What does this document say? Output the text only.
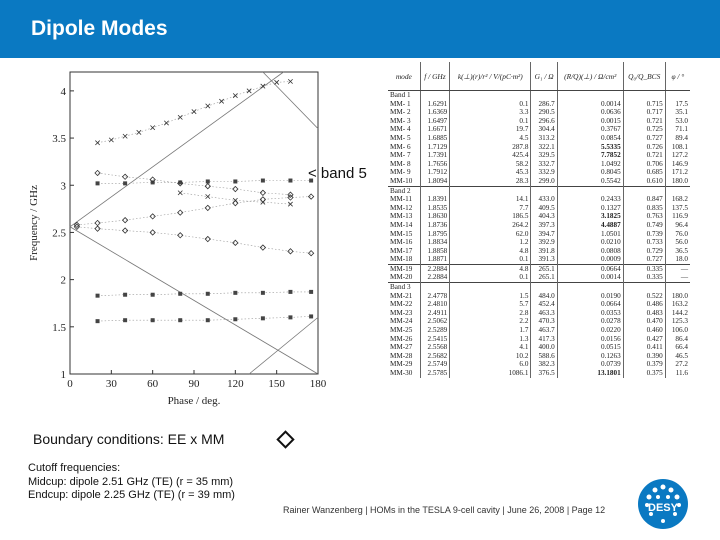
Dipole Modes
0	30	60	90	120 150 180
1
1.5
2
2.5
3
3.5
4
Phase / deg.
Frequency / GHz
< band 5
Boundary conditions: EE x MM
Cutoff frequencies:
Midcup: dipole 2.51 GHz (TE) (r = 35 mm)
Endcup: dipole 2.25 GHz (TE) (r = 39 mm)
mode	f / GHz	k(⊥)(r)/r² / V/(pC·m²)	G₁ / Ω	(R/Q)(⊥) / Ω/cm²	Q₀/Q_BCS	φ / °
Band 1						
MM- 1	1.6291	0.1	286.7	0.0014	0.715	17.5
MM- 2	1.6369	3.3	290.5	0.0636	0.717	35.1
MM- 3	1.6497	0.1	296.6	0.0015	0.721	53.0
MM- 4	1.6671	19.7	304.4	0.3767	0.725	71.1
MM- 5	1.6885	4.5	313.2	0.0854	0.727	89.4
MM- 6	1.7129	287.8	322.1	5.5335	0.726	108.1
MM- 7	1.7391	425.4	329.5	7.7852	0.721	127.2
MM- 8	1.7656	58.2	332.7	1.0492	0.706	146.9
MM- 9	1.7912	45.3	332.9	0.8045	0.685	171.2
MM-10	1.8094	28.3	299.0	0.5542	0.610	180.0
Band 2						
MM-11	1.8391	14.1	433.0	0.2433	0.847	168.2
MM-12	1.8535	7.7	409.5	0.1327	0.835	137.5
MM-13	1.8630	186.5	404.3	3.1825	0.763	116.9
MM-14	1.8736	264.2	397.3	4.4887	0.749	96.4
MM-15	1.8795	62.0	394.7	1.0501	0.739	76.0
MM-16	1.8834	1.2	392.9	0.0210	0.733	56.0
MM-17	1.8858	4.8	391.8	0.0808	0.729	36.5
MM-18	1.8871	0.1	391.3	0.0009	0.727	18.0
MM-19	2.2884	4.8	265.1	0.0664	0.335	—
MM-20	2.2884	0.1	265.1	0.0014	0.335	—
Band 3						
MM-21	2.4778	1.5	484.0	0.0190	0.522	180.0
MM-22	2.4810	5.7	452.4	0.0664	0.486	163.2
MM-23	2.4911	2.8	463.3	0.0353	0.483	144.2
MM-24	2.5062	2.2	470.3	0.0278	0.470	125.3
MM-25	2.5289	1.7	463.7	0.0220	0.460	106.0
MM-26	2.5415	1.3	417.3	0.0156	0.427	86.4
MM-27	2.5568	4.1	400.0	0.0515	0.411	66.4
MM-28	2.5682	10.2	588.6	0.1263	0.390	46.5
MM-29	2.5749	6.0	382.3	0.0739	0.379	27.2
MM-30	2.5785	1086.1	376.5	13.1801	0.375	11.6
Rainer Wanzenberg | HOMs in the TESLA 9-cell cavity | June 26, 2008 | Page 12	DESY
